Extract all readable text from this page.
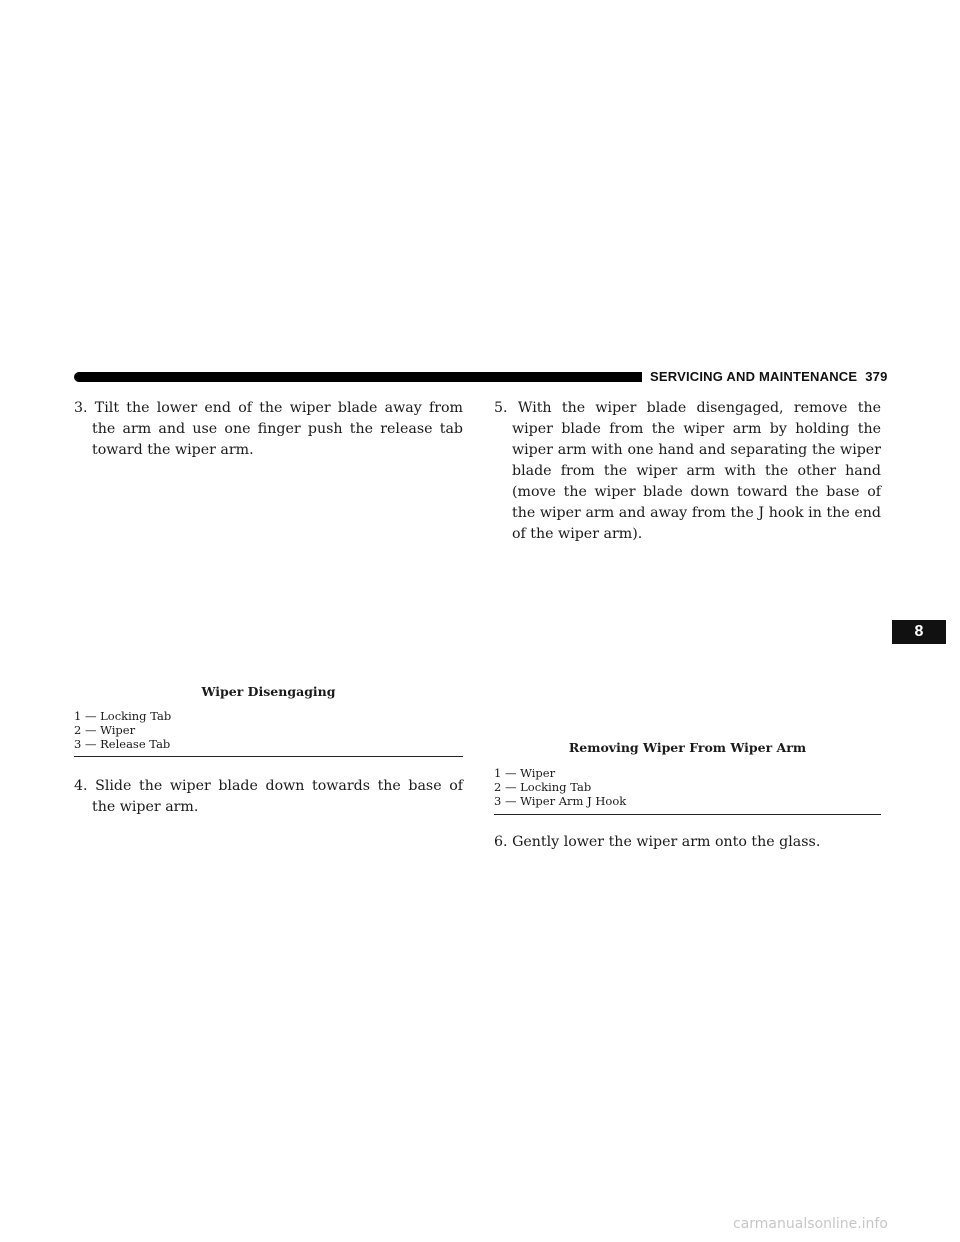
SERVICING AND MAINTENANCE 379
8
3. Tilt the lower end of the wiper blade away from the arm and use one finger push the release tab toward the wiper arm.
Wiper Disengaging
1 — Locking Tab
2 — Wiper
3 — Release Tab
4. Slide the wiper blade down towards the base of the wiper arm.
5. With the wiper blade disengaged, remove the wiper blade from the wiper arm by holding the wiper arm with one hand and separating the wiper blade from the wiper arm with the other hand (move the wiper blade down toward the base of the wiper arm and away from the J hook in the end of the wiper arm).
Removing Wiper From Wiper Arm
1 — Wiper
2 — Locking Tab
3 — Wiper Arm J Hook
6. Gently lower the wiper arm onto the glass.
carmanualsonline.info
